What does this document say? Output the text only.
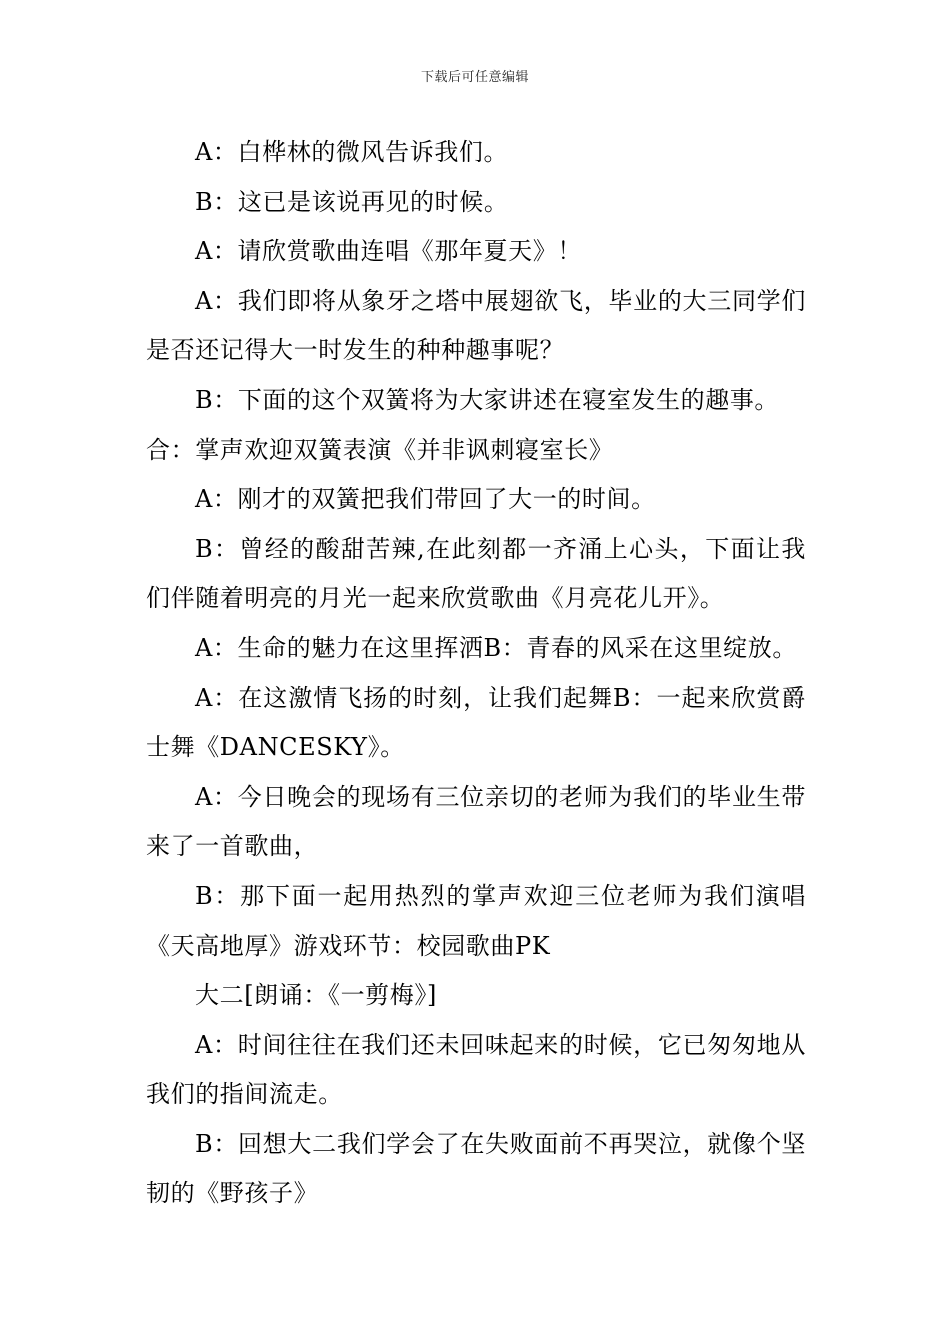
下载后可任意编辑

A：白桦林的微风告诉我们。

B：这已是该说再见的时候。

A：请欣赏歌曲连唱《那年夏天》！

A：我们即将从象牙之塔中展翅欲飞，毕业的大三同学们是否还记得大一时发生的种种趣事呢？

B：下面的这个双簧将为大家讲述在寝室发生的趣事。

合：掌声欢迎双簧表演《并非讽刺寝室长》

A：刚才的双簧把我们带回了大一的时间。

B：曾经的酸甜苦辣,在此刻都一齐涌上心头，下面让我们伴随着明亮的月光一起来欣赏歌曲《月亮花儿开》。

A：生命的魅力在这里挥洒B：青春的风采在这里绽放。

A：在这激情飞扬的时刻，让我们起舞B：一起来欣赏爵士舞《DANCESKY》。

A：今日晚会的现场有三位亲切的老师为我们的毕业生带来了一首歌曲，

B：那下面一起用热烈的掌声欢迎三位老师为我们演唱《天高地厚》游戏环节：校园歌曲PK

大二[朗诵：《一剪梅》]

A：时间往往在我们还未回味起来的时候，它已匆匆地从我们的指间流走。

B：回想大二我们学会了在失败面前不再哭泣，就像个坚韧的《野孩子》
